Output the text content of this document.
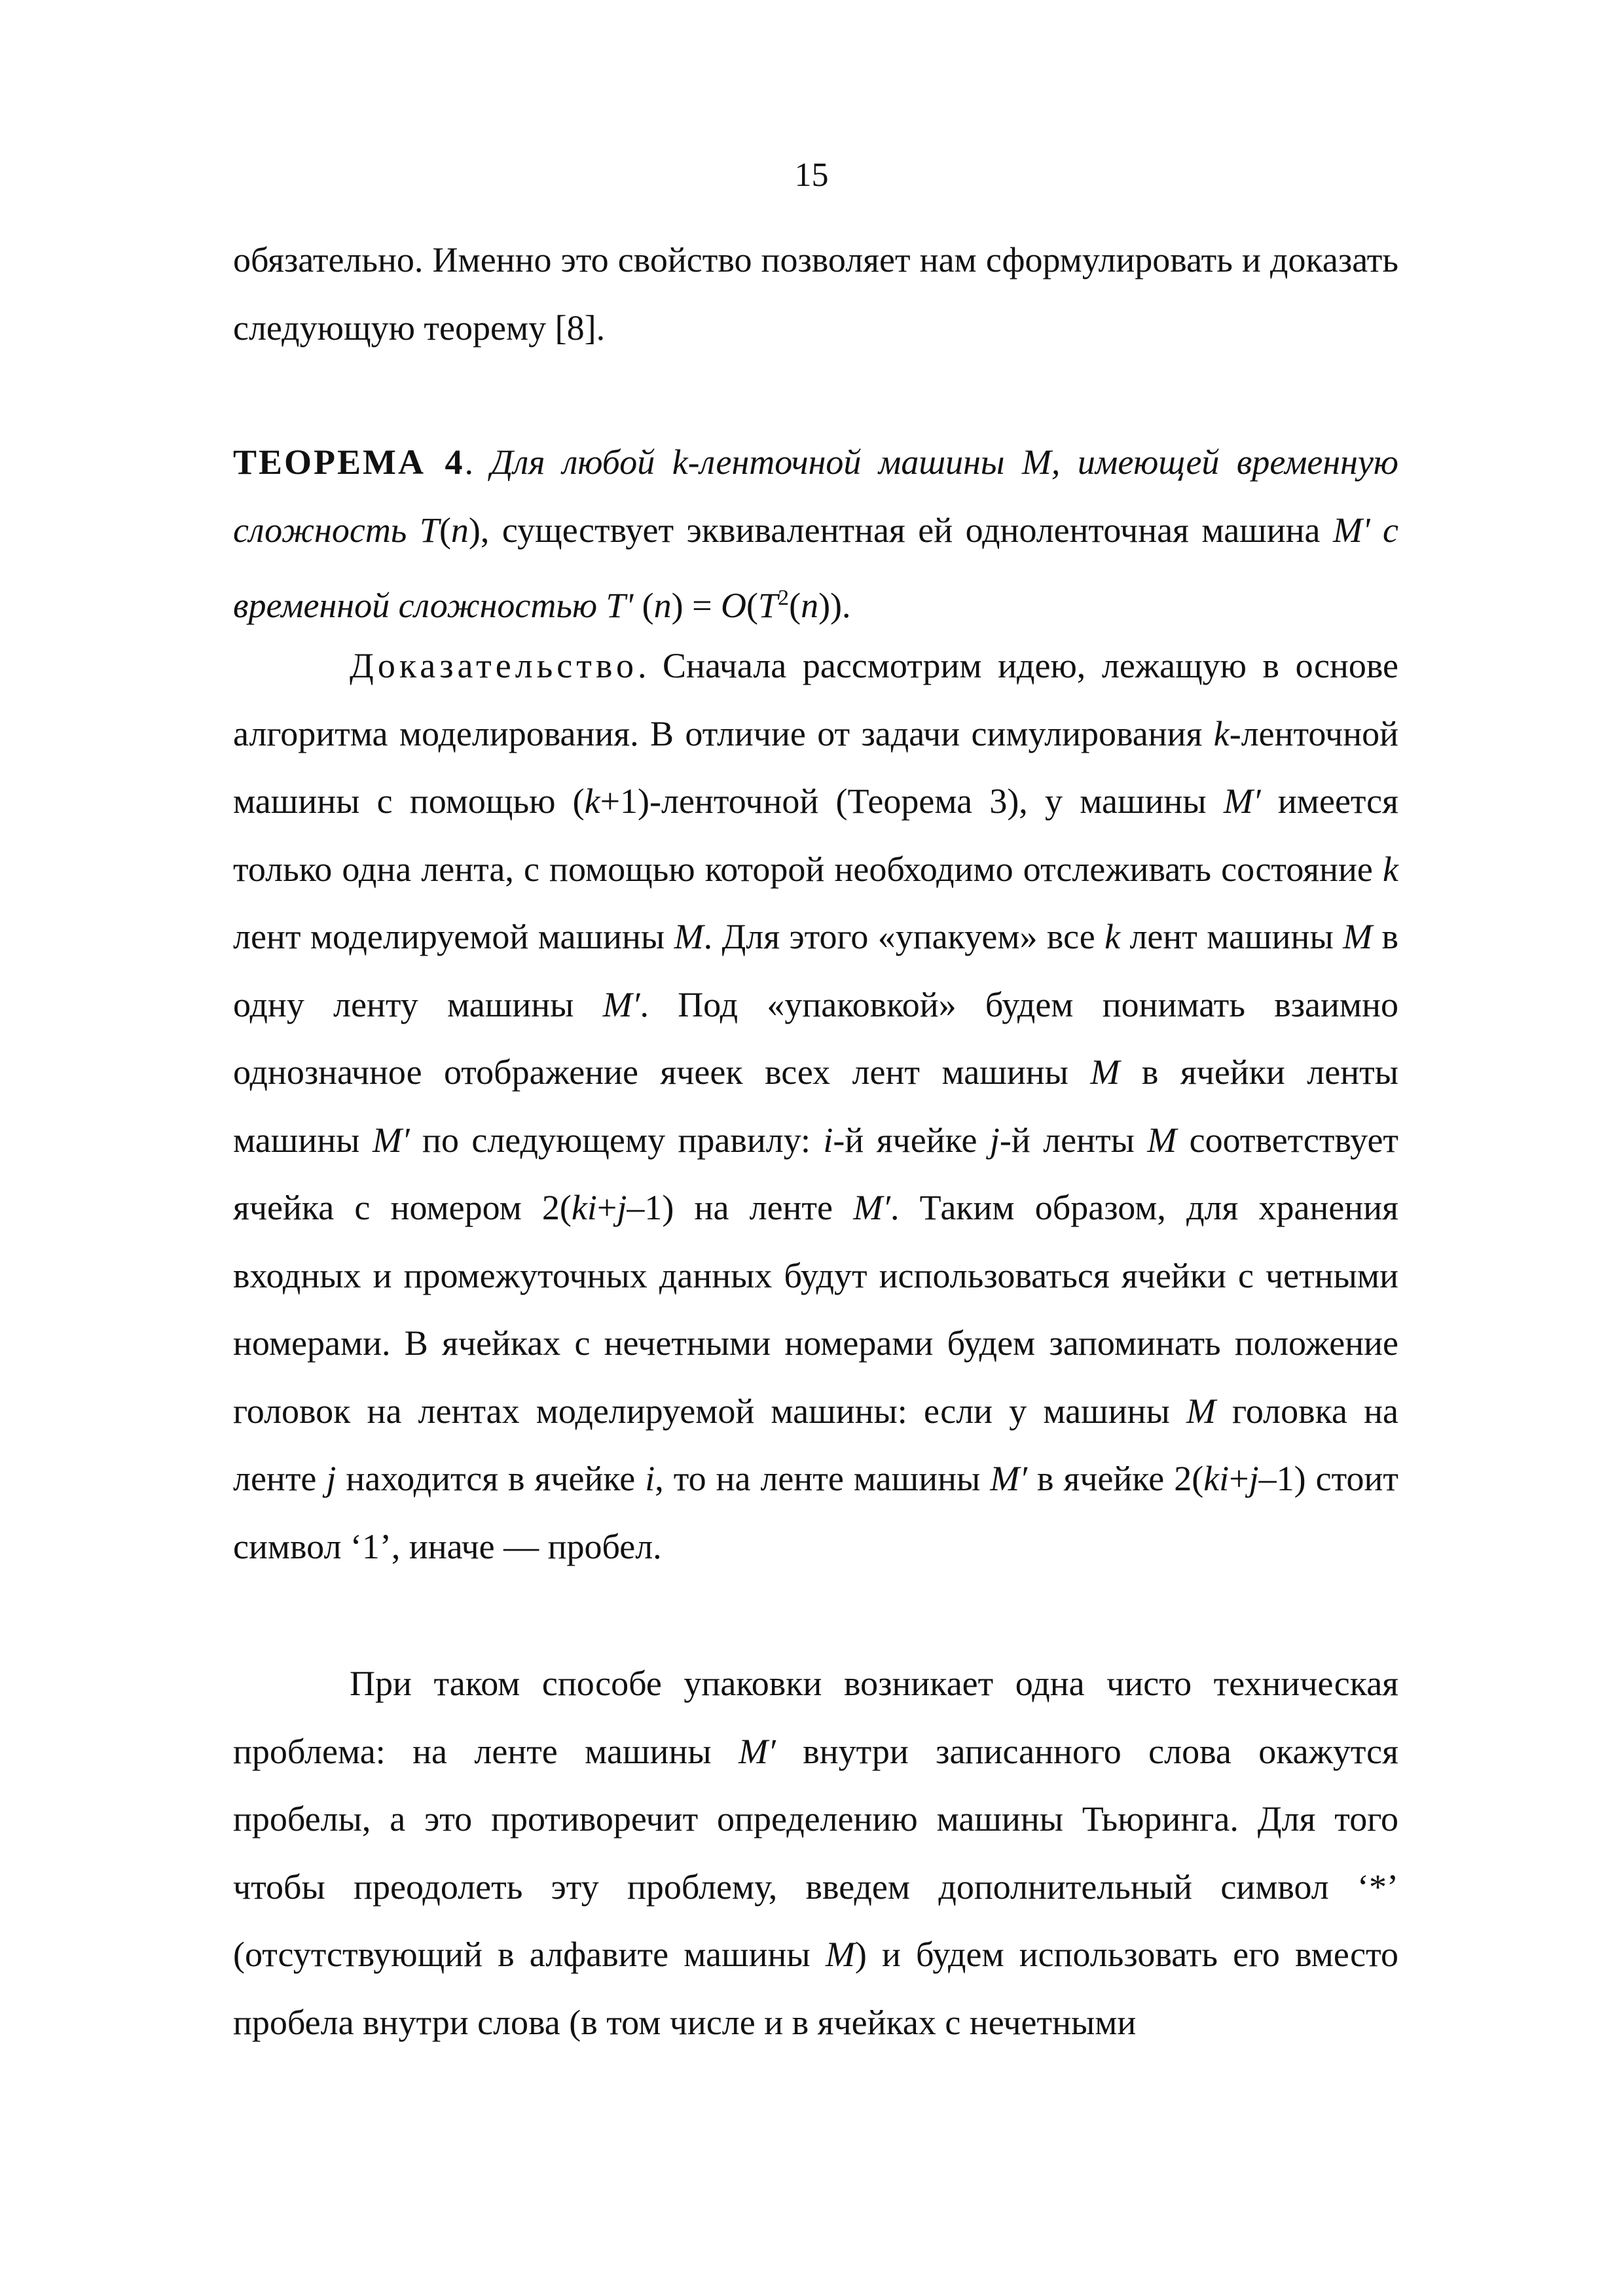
15

обязательно. Именно это свойство позволяет нам сформулировать и доказать следующую теорему [8].

ТЕОРЕМА 4. Для любой k-ленточной машины M, имеющей временную сложность T(n), существует эквивалентная ей одноленточная машина M' с временной сложностью T' $(n) = O(T^2(n))$.

Доказательство. Сначала рассмотрим идею, лежащую в основе алгоритма моделирования. В отличие от задачи симулирования k-ленточной машины с помощью (k+1)-ленточной (Теорема 3), у машины M′ имеется только одна лента, с помощью которой необходимо отслеживать состояние k лент моделируемой машины M. Для этого «упакуем» все k лент машины M в одну ленту машины M′. Под «упаковкой» будем понимать взаимно однозначное отображение ячеек всех лент машины M в ячейки ленты машины M′ по следующему правилу: i-й ячейке j-й ленты M соответствует ячейка с номером 2(ki+j–1) на ленте M′. Таким образом, для хранения входных и промежуточных данных будут использоваться ячейки с четными номерами. В ячейках с нечетными номерами будем запоминать положение головок на лентах моделируемой машины: если у машины M головка на ленте j находится в ячейке i, то на ленте машины M′ в ячейке 2(ki+j–1) стоит символ ‘1’, иначе — пробел.

При таком способе упаковки возникает одна чисто техническая проблема: на ленте машины M′ внутри записанного слова окажутся пробелы, а это противоречит определению машины Тьюринга. Для того чтобы преодолеть эту проблему, введем дополнительный символ ‘*’ (отсутствующий в алфавите машины M) и будем использовать его вместо пробела внутри слова (в том числе и в ячейках с нечетными
